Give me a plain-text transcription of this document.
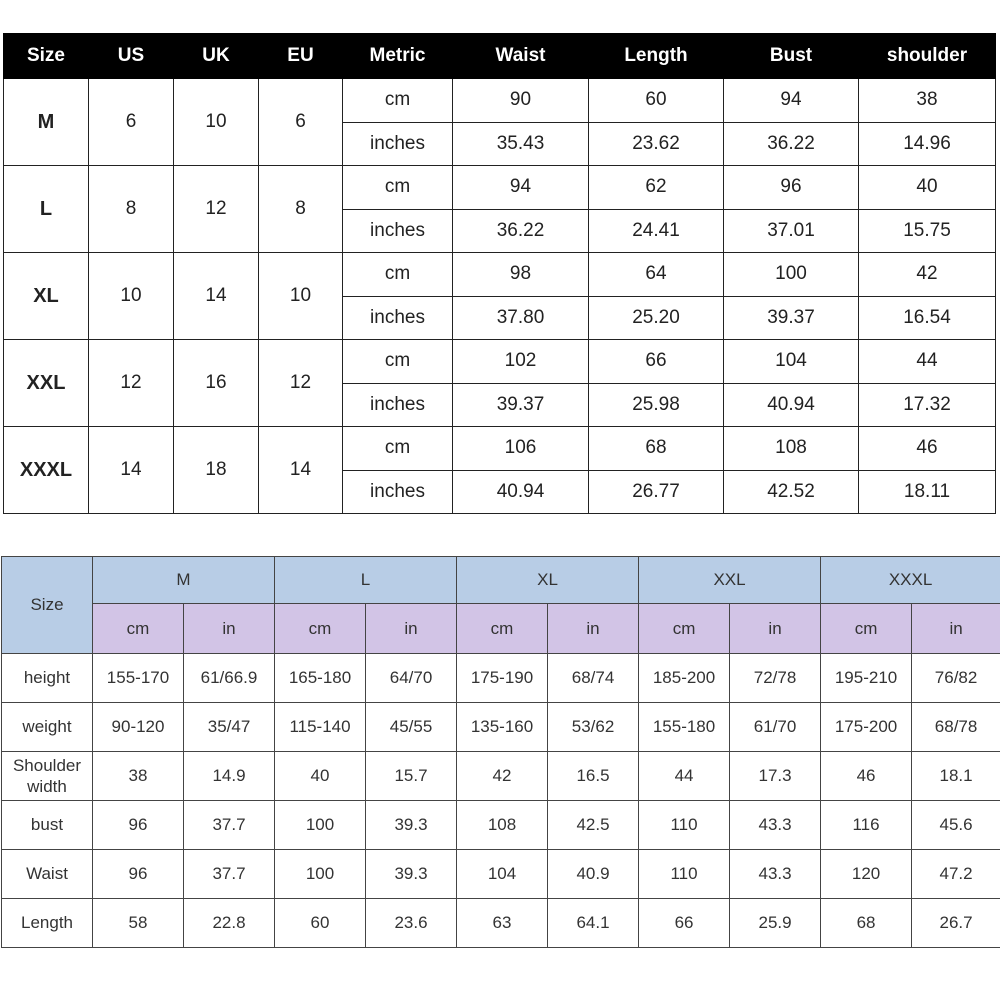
Size	US	UK	EU	Metric	Waist	Length	Bust	shoulder
M	6	10	6	cm	90	60	94	38
				inches	35.43	23.62	36.22	14.96
L	8	12	8	cm	94	62	96	40
				inches	36.22	24.41	37.01	15.75
XL	10	14	10	cm	98	64	100	42
				inches	37.80	25.20	39.37	16.54
XXL	12	16	12	cm	102	66	104	44
				inches	39.37	25.98	40.94	17.32
XXXL	14	18	14	cm	106	68	108	46
				inches	40.94	26.77	42.52	18.11
Size	M		L		XL		XXL		XXXL	
	cm	in	cm	in	cm	in	cm	in	cm	in
height	155-170	61/66.9	165-180	64/70	175-190	68/74	185-200	72/78	195-210	76/82
weight	90-120	35/47	115-140	45/55	135-160	53/62	155-180	61/70	175-200	68/78
Shoulder width	38	14.9	40	15.7	42	16.5	44	17.3	46	18.1
bust	96	37.7	100	39.3	108	42.5	110	43.3	116	45.6
Waist	96	37.7	100	39.3	104	40.9	110	43.3	120	47.2
Length	58	22.8	60	23.6	63	64.1	66	25.9	68	26.7
